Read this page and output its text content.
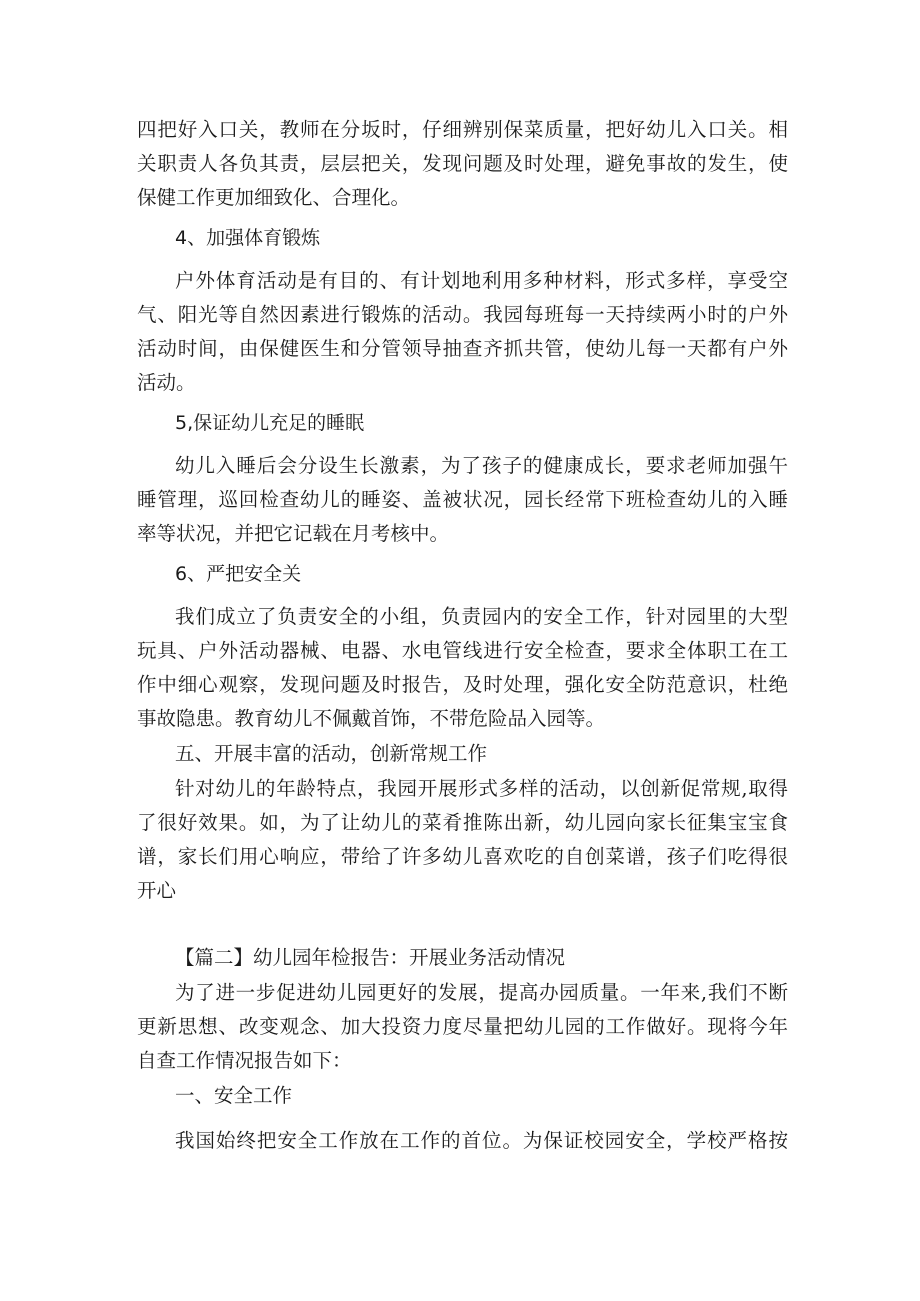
四把好入口关，教师在分坂时，仔细辨别保菜质量，把好幼儿入口关。相
关职责人各负其责，层层把关，发现问题及时处理，避免事故的发生，使
保健工作更加细致化、合理化。
4、加强体育锻炼
户外体育活动是有目的、有计划地利用多种材料，形式多样，享受空
气、阳光等自然因素进行锻炼的活动。我园每班每一天持续两小时的户外
活动时间，由保健医生和分管领导抽查齐抓共管，使幼儿每一天都有户外
活动。
5,保证幼儿充足的睡眠
幼儿入睡后会分设生长激素，为了孩子的健康成长，要求老师加强午
睡管理，巡回检查幼儿的睡姿、盖被状况，园长经常下班检查幼儿的入睡
率等状况，并把它记载在月考核中。
6、严把安全关
我们成立了负责安全的小组，负责园内的安全工作，针对园里的大型
玩具、户外活动器械、电器、水电管线进行安全检查，要求全体职工在工
作中细心观察，发现问题及时报告，及时处理，强化安全防范意识，杜绝
事故隐患。教育幼儿不佩戴首饰，不带危险品入园等。
五、开展丰富的活动，创新常规工作
针对幼儿的年龄特点，我园开展形式多样的活动，以创新促常规,取得
了很好效果。如，为了让幼儿的菜肴推陈出新，幼儿园向家长征集宝宝食
谱，家长们用心响应，带给了许多幼儿喜欢吃的自创菜谱，孩子们吃得很
开心
【篇二】幼儿园年检报告：开展业务活动情况
为了进一步促进幼儿园更好的发展，提高办园质量。一年来,我们不断
更新思想、改变观念、加大投资力度尽量把幼儿园的工作做好。现将今年
自查工作情况报告如下：
一、安全工作
我国始终把安全工作放在工作的首位。为保证校园安全，学校严格按
